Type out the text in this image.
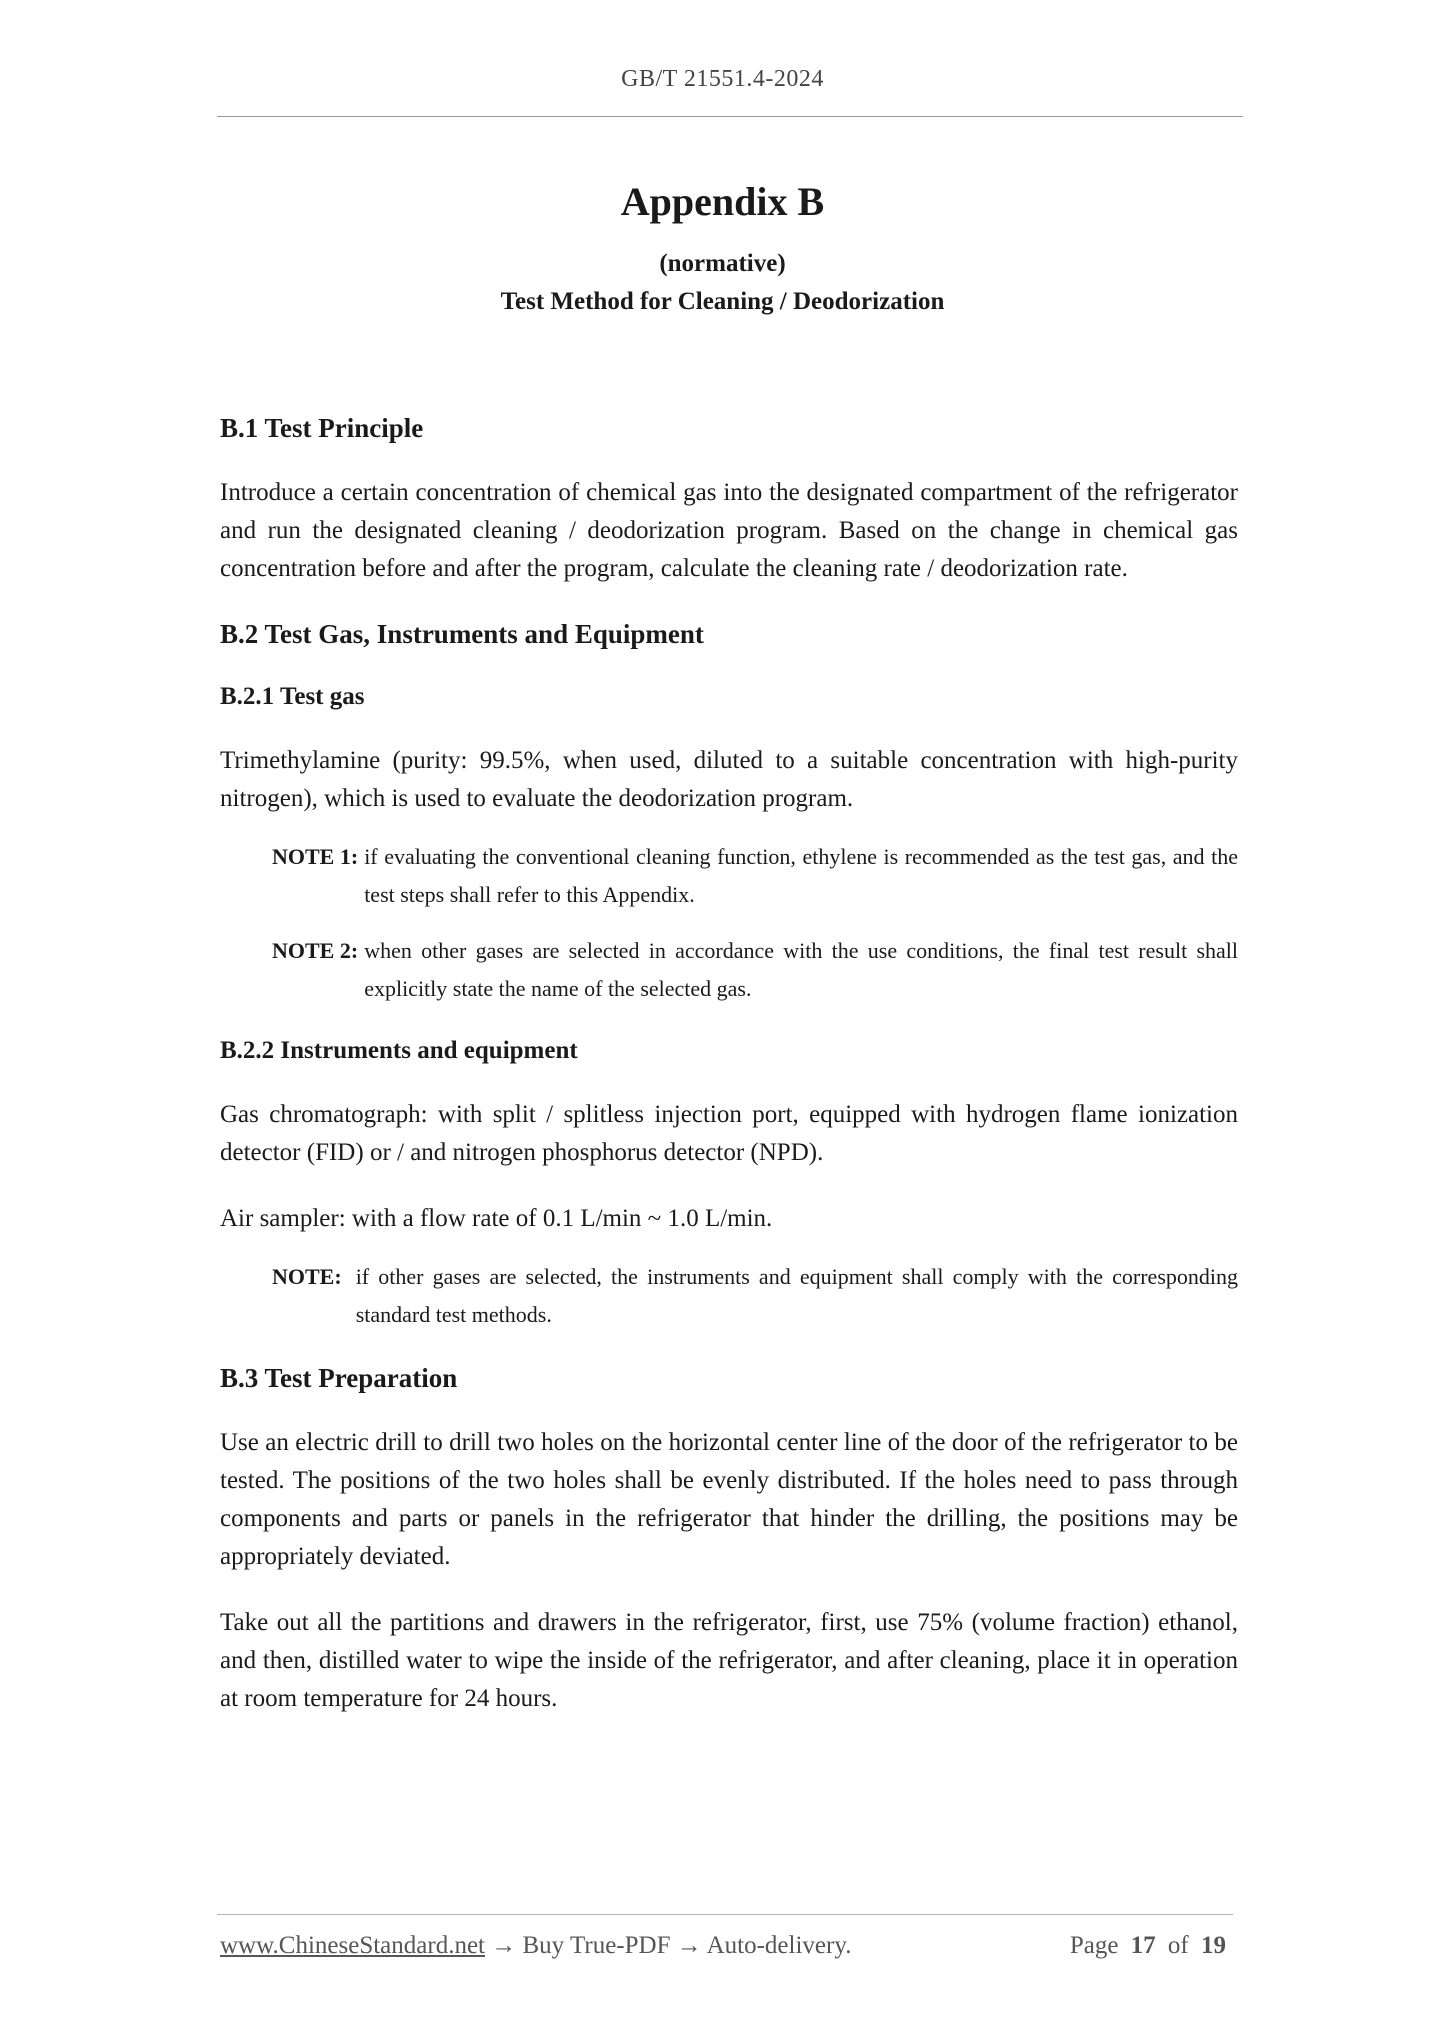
GB/T 21551.4-2024
Appendix B
(normative)
Test Method for Cleaning / Deodorization
B.1 Test Principle

Introduce a certain concentration of chemical gas into the designated compartment of the refrigerator and run the designated cleaning / deodorization program. Based on the change in chemical gas concentration before and after the program, calculate the cleaning rate / deodorization rate.

B.2 Test Gas, Instruments and Equipment
B.2.1 Test gas

Trimethylamine (purity: 99.5%, when used, diluted to a suitable concentration with high-purity nitrogen), which is used to evaluate the deodorization program.

NOTE 1: if evaluating the conventional cleaning function, ethylene is recommended as the test gas, and the test steps shall refer to this Appendix.
NOTE 2: when other gases are selected in accordance with the use conditions, the final test result shall explicitly state the name of the selected gas.
B.2.2 Instruments and equipment

Gas chromatograph: with split / splitless injection port, equipped with hydrogen flame ionization detector (FID) or / and nitrogen phosphorus detector (NPD).

Air sampler: with a flow rate of 0.1 L/min ~ 1.0 L/min.

NOTE: if other gases are selected, the instruments and equipment shall comply with the corresponding standard test methods.
B.3 Test Preparation

Use an electric drill to drill two holes on the horizontal center line of the door of the refrigerator to be tested. The positions of the two holes shall be evenly distributed. If the holes need to pass through components and parts or panels in the refrigerator that hinder the drilling, the positions may be appropriately deviated.

Take out all the partitions and drawers in the refrigerator, first, use 75% (volume fraction) ethanol, and then, distilled water to wipe the inside of the refrigerator, and after cleaning, place it in operation at room temperature for 24 hours.

www.ChineseStandard.net → Buy True-PDF → Auto-delivery.	Page 17 of 19
